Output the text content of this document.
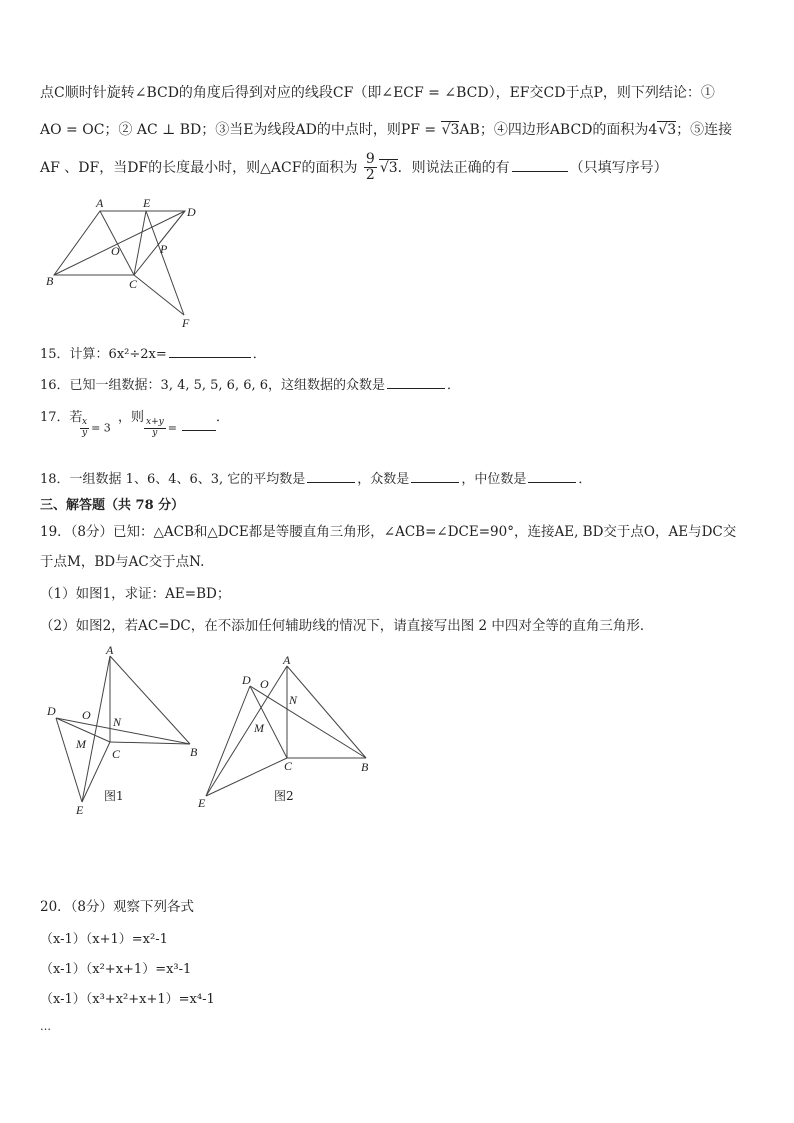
点C顺时针旋转∠BCD的角度后得到对应的线段CF（即∠ECF = ∠BCD），EF交CD于点P，则下列结论：①
AO = OC；② AC ⊥ BD；③当E为线段AD的中点时，则PF = √3AB；④四边形ABCD的面积为4√3；⑤连接
AF 、DF，当DF的长度最小时，则△ACF的面积为 $\frac{9}{2} √3$．则说法正确的有	（只填写序号）
A	E
D
O	P
B	C
F
15．计算：6x²÷2x=	．
16．已知一组数据：3, 4, 5, 5, 6, 6, 6，这组数据的众数是	．
17．若
$\frac{x}{y} = 3$
，则
$\frac{x+y}{y}$ =
．
18．一组数据 1、6、4、6、3, 它的平均数是	，众数是	，中位数是	．
三、解答题（共 78 分）
19．（8分）已知：△ACB和△DCE都是等腰直角三角形，∠ACB=∠DCE=90°，连接AE, BD交于点O，AE与DC交
于点M，BD与AC交于点N.
（1）如图1，求证：AE=BD；
（2）如图2，若AC=DC，在不添加任何辅助线的情况下，请直接写出图 2 中四对全等的直角三角形．
A
D O N
M
C	B
E
图1
A
D O
N
M
C	B
E	图2
20．（8分）观察下列各式
（x-1）（x+1）=x²-1
（x-1）（x²+x+1）=x³-1
（x-1）（x³+x²+x+1）=x⁴-1
…
